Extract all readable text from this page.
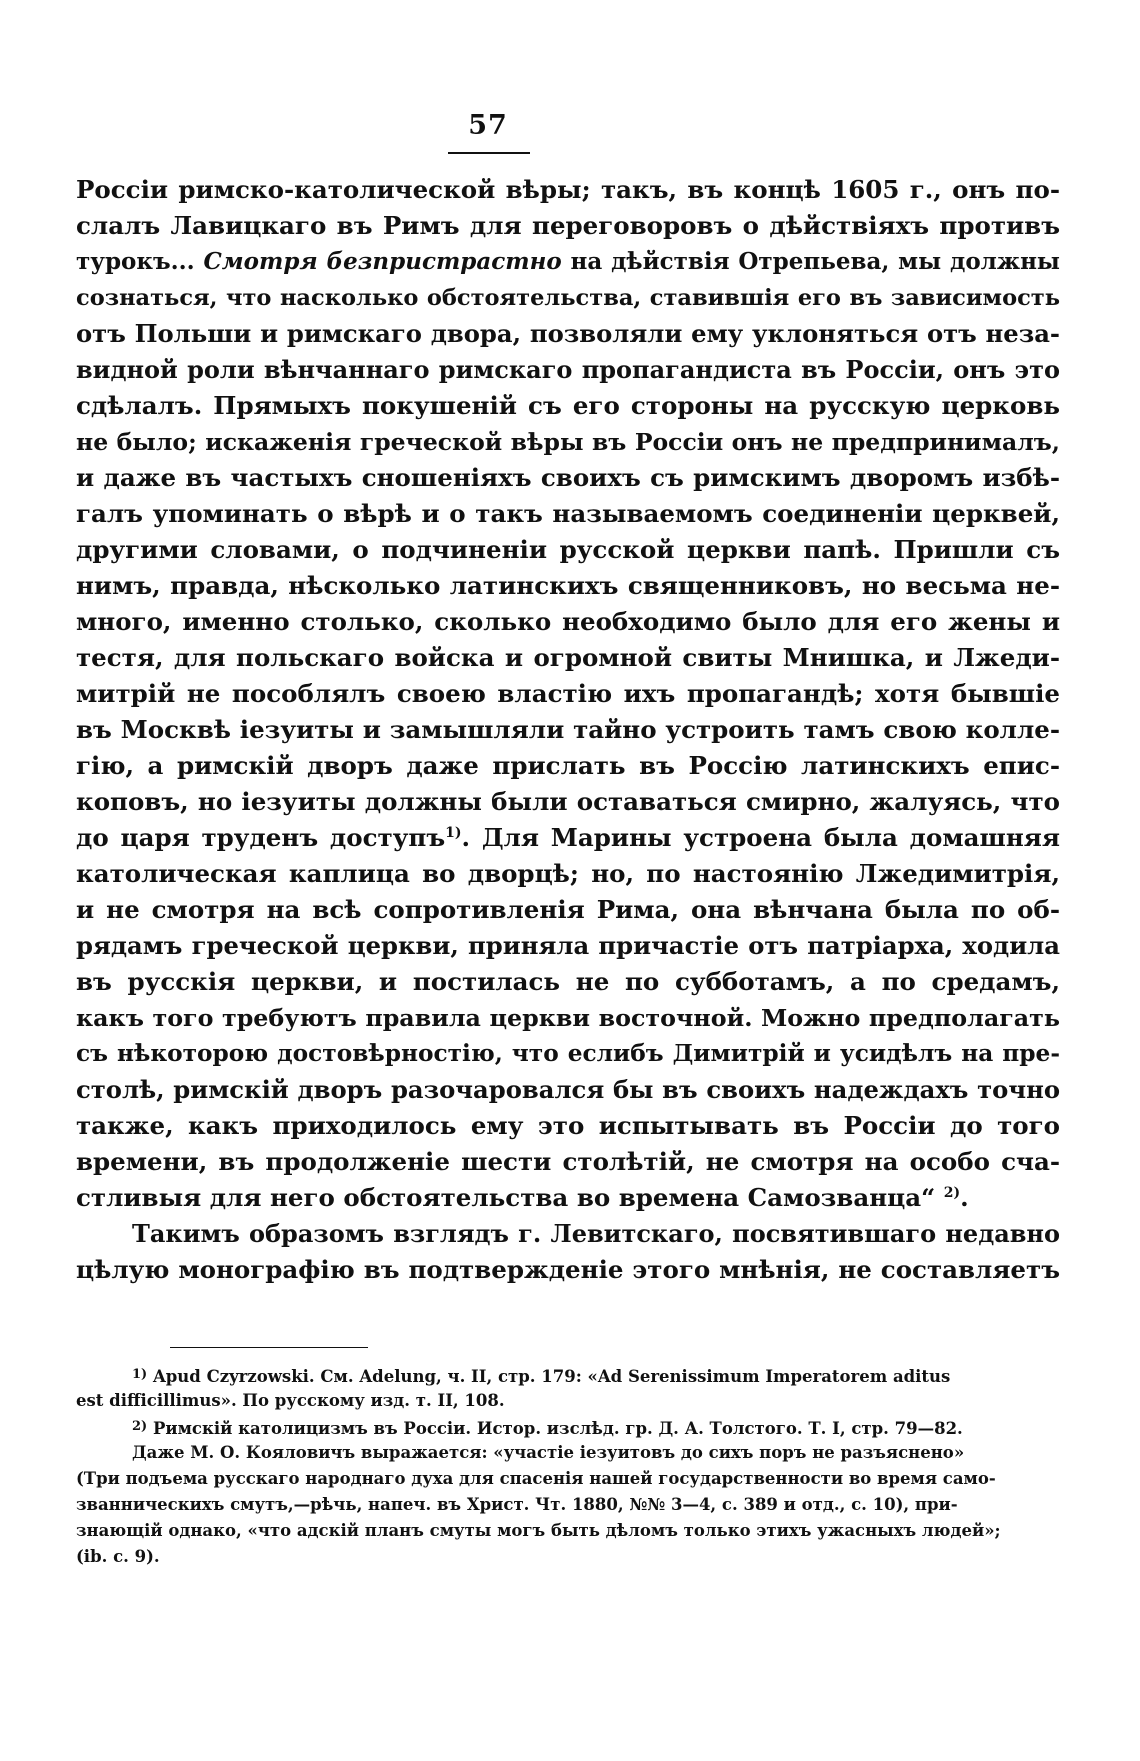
57
Россіи римско-католической вѣры; такъ, въ концѣ 1605 г., онъ по-
слалъ Лавицкаго въ Римъ для переговоровъ о дѣйствіяхъ противъ
турокъ... Смотря безпристрастно на дѣйствія Отрепьева, мы должны
сознаться, что насколько обстоятельства, ставившія его въ зависимость
отъ Польши и римскаго двора, позволяли ему уклоняться отъ неза-
видной роли вѣнчаннаго римскаго пропагандиста въ Россіи, онъ это
сдѣлалъ. Прямыхъ покушеній съ его стороны на русскую церковь
не было; искаженія греческой вѣры въ Россіи онъ не предпринималъ,
и даже въ частыхъ сношеніяхъ своихъ съ римскимъ дворомъ избѣ-
галъ упоминать о вѣрѣ и о такъ называемомъ соединеніи церквей,
другими словами, о подчиненіи русской церкви папѣ. Пришли съ
нимъ, правда, нѣсколько латинскихъ священниковъ, но весьма не-
много, именно столько, сколько необходимо было для его жены и
тестя, для польскаго войска и огромной свиты Мнишка, и Лжеди-
митрій не пособлялъ своею властію ихъ пропагандѣ; хотя бывшіе
въ Москвѣ іезуиты и замышляли тайно устроить тамъ свою колле-
гію, а римскій дворъ даже прислать въ Россію латинскихъ епис-
коповъ, но іезуиты должны были оставаться смирно, жалуясь, что
до царя труденъ доступъ$^{1)}$. Для Марины устроена была домашняя
католическая каплица во дворцѣ; но, по настоянію Лжедимитрія,
и не смотря на всѣ сопротивленія Рима, она вѣнчана была по об-
рядамъ греческой церкви, приняла причастіе отъ патріарха, ходила
въ русскія церкви, и постилась не по субботамъ, а по средамъ,
какъ того требуютъ правила церкви восточной. Можно предполагать
съ нѣкоторою достовѣрностію, что еслибъ Димитрій и усидѣлъ на пре-
столѣ, римскій дворъ разочаровался бы въ своихъ надеждахъ точно
также, какъ приходилось ему это испытывать въ Россіи до того
времени, въ продолженіе шести столѣтій, не смотря на особо сча-
стливыя для него обстоятельства во времена Самозванца“ $^{2)}$.
Такимъ образомъ взглядъ г. Левитскаго, посвятившаго недавно
цѣлую монографію въ подтвержденіе этого мнѣнія, не составляетъ
$^{1)}$ Apud Czyrzowski. См. Adelung, ч. II, стр. 179: «Ad Serenissimum Imperatorem aditus
est difficillimus». По русскому изд. т. II, 108.
$^{2)}$ Римскій католицизмъ въ Россіи. Истор. изслѣд. гр. Д. А. Толстого. Т. I, стр. 79—82.
Даже М. О. Кояловичъ выражается: «участіе іезуитовъ до сихъ поръ не разъяснено»
(Три подъема русскаго народнаго духа для спасенія нашей государственности во время само-
званническихъ смутъ,—рѣчь, напеч. въ Христ. Чт. 1880, №№ 3—4, с. 389 и отд., с. 10), при-
знающій однако, «что адскій планъ смуты могъ быть дѣломъ только этихъ ужасныхъ людей»;
(ib. с. 9).
